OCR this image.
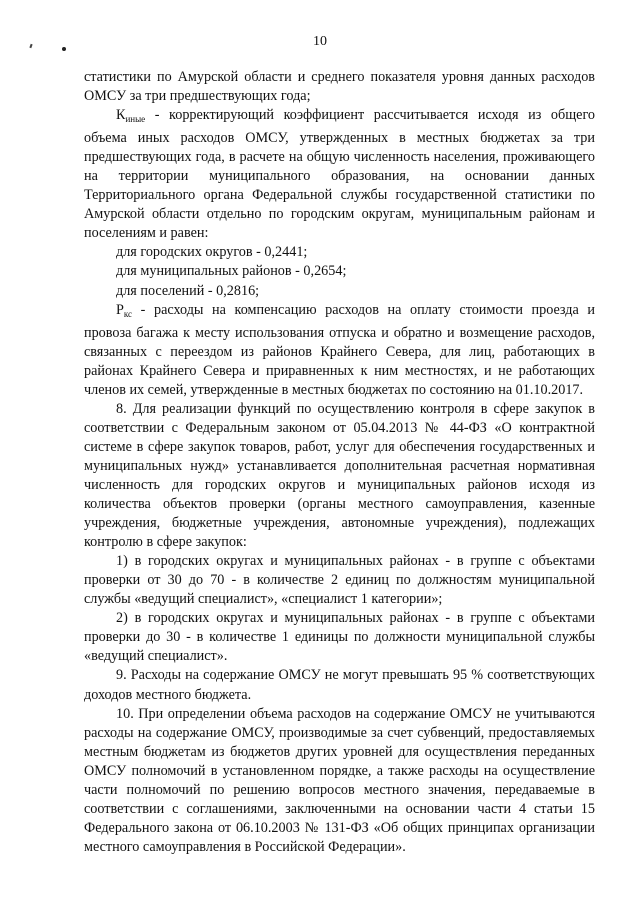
10

статистики по Амурской области и среднего показателя уровня данных расходов ОМСУ за три предшествующих года;

$К_{иные}$ - корректирующий коэффициент рассчитывается исходя из общего объема иных расходов ОМСУ, утвержденных в местных бюджетах за три предшествующих года, в расчете на общую численность населения, проживающего на территории муниципального образования, на основании данных Территориального органа Федеральной службы государственной статистики по Амурской области отдельно по городским округам, муниципальным районам и поселениям и равен:

для городских округов - 0,2441;

для муниципальных районов - 0,2654;

для поселений - 0,2816;

$Р_{кс}$ - расходы на компенсацию расходов на оплату стоимости проезда и провоза багажа к месту использования отпуска и обратно и возмещение расходов, связанных с переездом из районов Крайнего Севера, для лиц, работающих в районах Крайнего Севера и приравненных к ним местностях, и не работающих членов их семей, утвержденные в местных бюджетах по состоянию на 01.10.2017.

8. Для реализации функций по осуществлению контроля в сфере закупок в соответствии с Федеральным законом от 05.04.2013 № 44-ФЗ «О контрактной системе в сфере закупок товаров, работ, услуг для обеспечения государственных и муниципальных нужд» устанавливается дополнительная расчетная нормативная численность для городских округов и муниципальных районов исходя из количества объектов проверки (органы местного самоуправления, казенные учреждения, бюджетные учреждения, автономные учреждения), подлежащих контролю в сфере закупок:

1) в городских округах и муниципальных районах - в группе с объектами проверки от 30 до 70 - в количестве 2 единиц по должностям муниципальной службы «ведущий специалист», «специалист 1 категории»;

2) в городских округах и муниципальных районах - в группе с объектами проверки до 30 - в количестве 1 единицы по должности муниципальной службы «ведущий специалист».

9. Расходы на содержание ОМСУ не могут превышать 95 % соответствующих доходов местного бюджета.

10. При определении объема расходов на содержание ОМСУ не учитываются расходы на содержание ОМСУ, производимые за счет субвенций, предоставляемых местным бюджетам из бюджетов других уровней для осуществления переданных ОМСУ полномочий в установленном порядке, а также расходы на осуществление части полномочий по решению вопросов местного значения, передаваемые в соответствии с соглашениями, заключенными на основании части 4 статьи 15 Федерального закона от 06.10.2003 № 131-ФЗ «Об общих принципах организации местного самоуправления в Российской Федерации».
